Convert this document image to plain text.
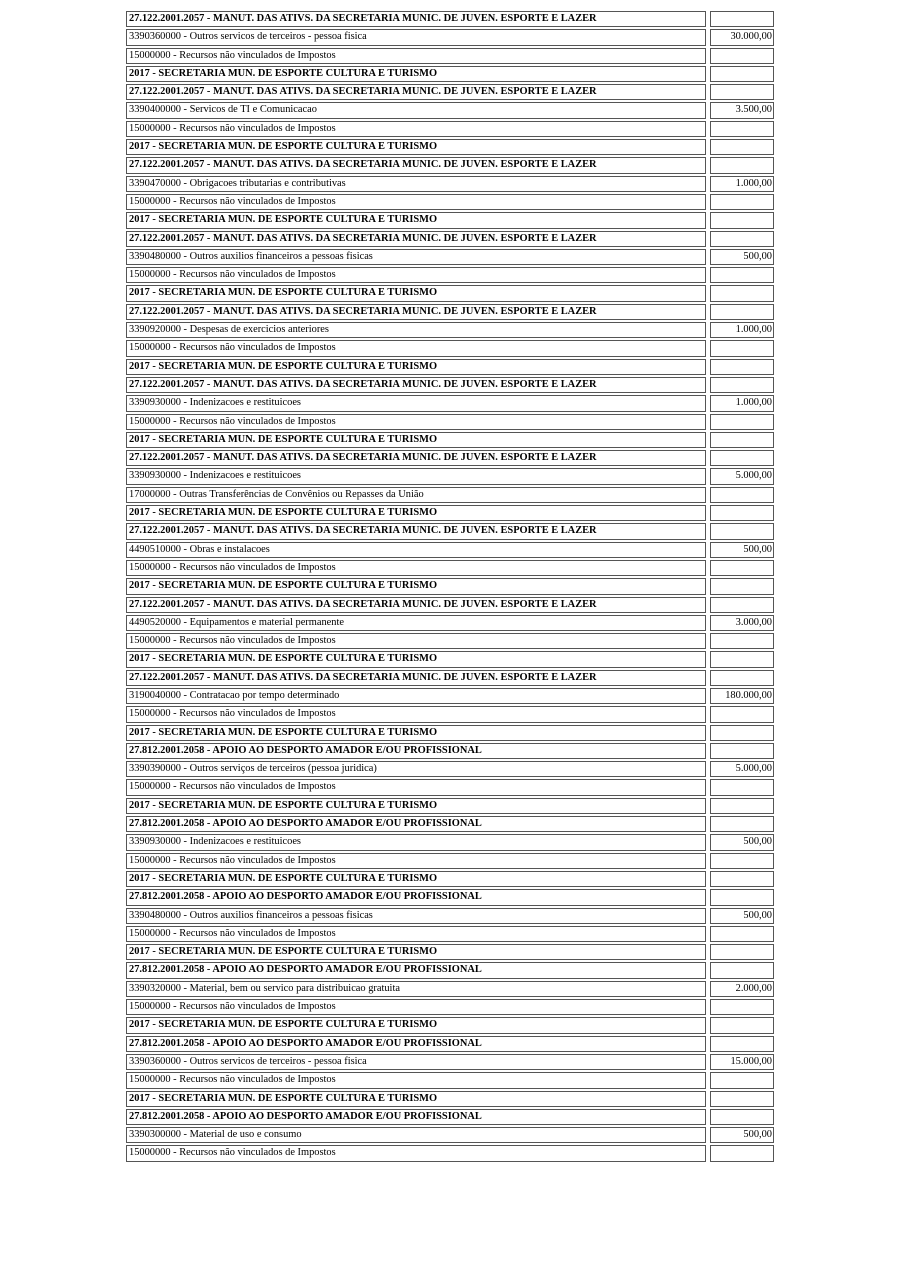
27.122.2001.2057 - MANUT. DAS ATIVS. DA SECRETARIA MUNIC. DE JUVEN. ESPORTE E LAZER
3390360000 - Outros servicos de terceiros - pessoa fisica	30.000,00
15000000 - Recursos não vinculados de Impostos
2017 - SECRETARIA MUN. DE ESPORTE CULTURA E TURISMO
27.122.2001.2057 - MANUT. DAS ATIVS. DA SECRETARIA MUNIC. DE JUVEN. ESPORTE E LAZER
3390400000 - Servicos de TI e Comunicacao	3.500,00
15000000 - Recursos não vinculados de Impostos
2017 - SECRETARIA MUN. DE ESPORTE CULTURA E TURISMO
27.122.2001.2057 - MANUT. DAS ATIVS. DA SECRETARIA MUNIC. DE JUVEN. ESPORTE E LAZER
3390470000 - Obrigacoes tributarias e contributivas	1.000,00
15000000 - Recursos não vinculados de Impostos
2017 - SECRETARIA MUN. DE ESPORTE CULTURA E TURISMO
27.122.2001.2057 - MANUT. DAS ATIVS. DA SECRETARIA MUNIC. DE JUVEN. ESPORTE E LAZER
3390480000 - Outros auxilios financeiros a pessoas fisicas	500,00
15000000 - Recursos não vinculados de Impostos
2017 - SECRETARIA MUN. DE ESPORTE CULTURA E TURISMO
27.122.2001.2057 - MANUT. DAS ATIVS. DA SECRETARIA MUNIC. DE JUVEN. ESPORTE E LAZER
3390920000 - Despesas de exercicios anteriores	1.000,00
15000000 - Recursos não vinculados de Impostos
2017 - SECRETARIA MUN. DE ESPORTE CULTURA E TURISMO
27.122.2001.2057 - MANUT. DAS ATIVS. DA SECRETARIA MUNIC. DE JUVEN. ESPORTE E LAZER
3390930000 - Indenizacoes e restituicoes	1.000,00
15000000 - Recursos não vinculados de Impostos
2017 - SECRETARIA MUN. DE ESPORTE CULTURA E TURISMO
27.122.2001.2057 - MANUT. DAS ATIVS. DA SECRETARIA MUNIC. DE JUVEN. ESPORTE E LAZER
3390930000 - Indenizacoes e restituicoes	5.000,00
17000000 - Outras Transferências de Convênios ou Repasses da União
2017 - SECRETARIA MUN. DE ESPORTE CULTURA E TURISMO
27.122.2001.2057 - MANUT. DAS ATIVS. DA SECRETARIA MUNIC. DE JUVEN. ESPORTE E LAZER
4490510000 - Obras e instalacoes	500,00
15000000 - Recursos não vinculados de Impostos
2017 - SECRETARIA MUN. DE ESPORTE CULTURA E TURISMO
27.122.2001.2057 - MANUT. DAS ATIVS. DA SECRETARIA MUNIC. DE JUVEN. ESPORTE E LAZER
4490520000 - Equipamentos e material permanente	3.000,00
15000000 - Recursos não vinculados de Impostos
2017 - SECRETARIA MUN. DE ESPORTE CULTURA E TURISMO
27.122.2001.2057 - MANUT. DAS ATIVS. DA SECRETARIA MUNIC. DE JUVEN. ESPORTE E LAZER
3190040000 - Contratacao por tempo determinado	180.000,00
15000000 - Recursos não vinculados de Impostos
2017 - SECRETARIA MUN. DE ESPORTE CULTURA E TURISMO
27.812.2001.2058 - APOIO AO DESPORTO AMADOR E/OU PROFISSIONAL
3390390000 - Outros serviços de terceiros (pessoa juridica)	5.000,00
15000000 - Recursos não vinculados de Impostos
2017 - SECRETARIA MUN. DE ESPORTE CULTURA E TURISMO
27.812.2001.2058 - APOIO AO DESPORTO AMADOR E/OU PROFISSIONAL
3390930000 - Indenizacoes e restituicoes	500,00
15000000 - Recursos não vinculados de Impostos
2017 - SECRETARIA MUN. DE ESPORTE CULTURA E TURISMO
27.812.2001.2058 - APOIO AO DESPORTO AMADOR E/OU PROFISSIONAL
3390480000 - Outros auxilios financeiros a pessoas fisicas	500,00
15000000 - Recursos não vinculados de Impostos
2017 - SECRETARIA MUN. DE ESPORTE CULTURA E TURISMO
27.812.2001.2058 - APOIO AO DESPORTO AMADOR E/OU PROFISSIONAL
3390320000 - Material, bem ou servico para distribuicao gratuita	2.000,00
15000000 - Recursos não vinculados de Impostos
2017 - SECRETARIA MUN. DE ESPORTE CULTURA E TURISMO
27.812.2001.2058 - APOIO AO DESPORTO AMADOR E/OU PROFISSIONAL
3390360000 - Outros servicos de terceiros - pessoa fisica	15.000,00
15000000 - Recursos não vinculados de Impostos
2017 - SECRETARIA MUN. DE ESPORTE CULTURA E TURISMO
27.812.2001.2058 - APOIO AO DESPORTO AMADOR E/OU PROFISSIONAL
3390300000 - Material de uso e consumo	500,00
15000000 - Recursos não vinculados de Impostos
